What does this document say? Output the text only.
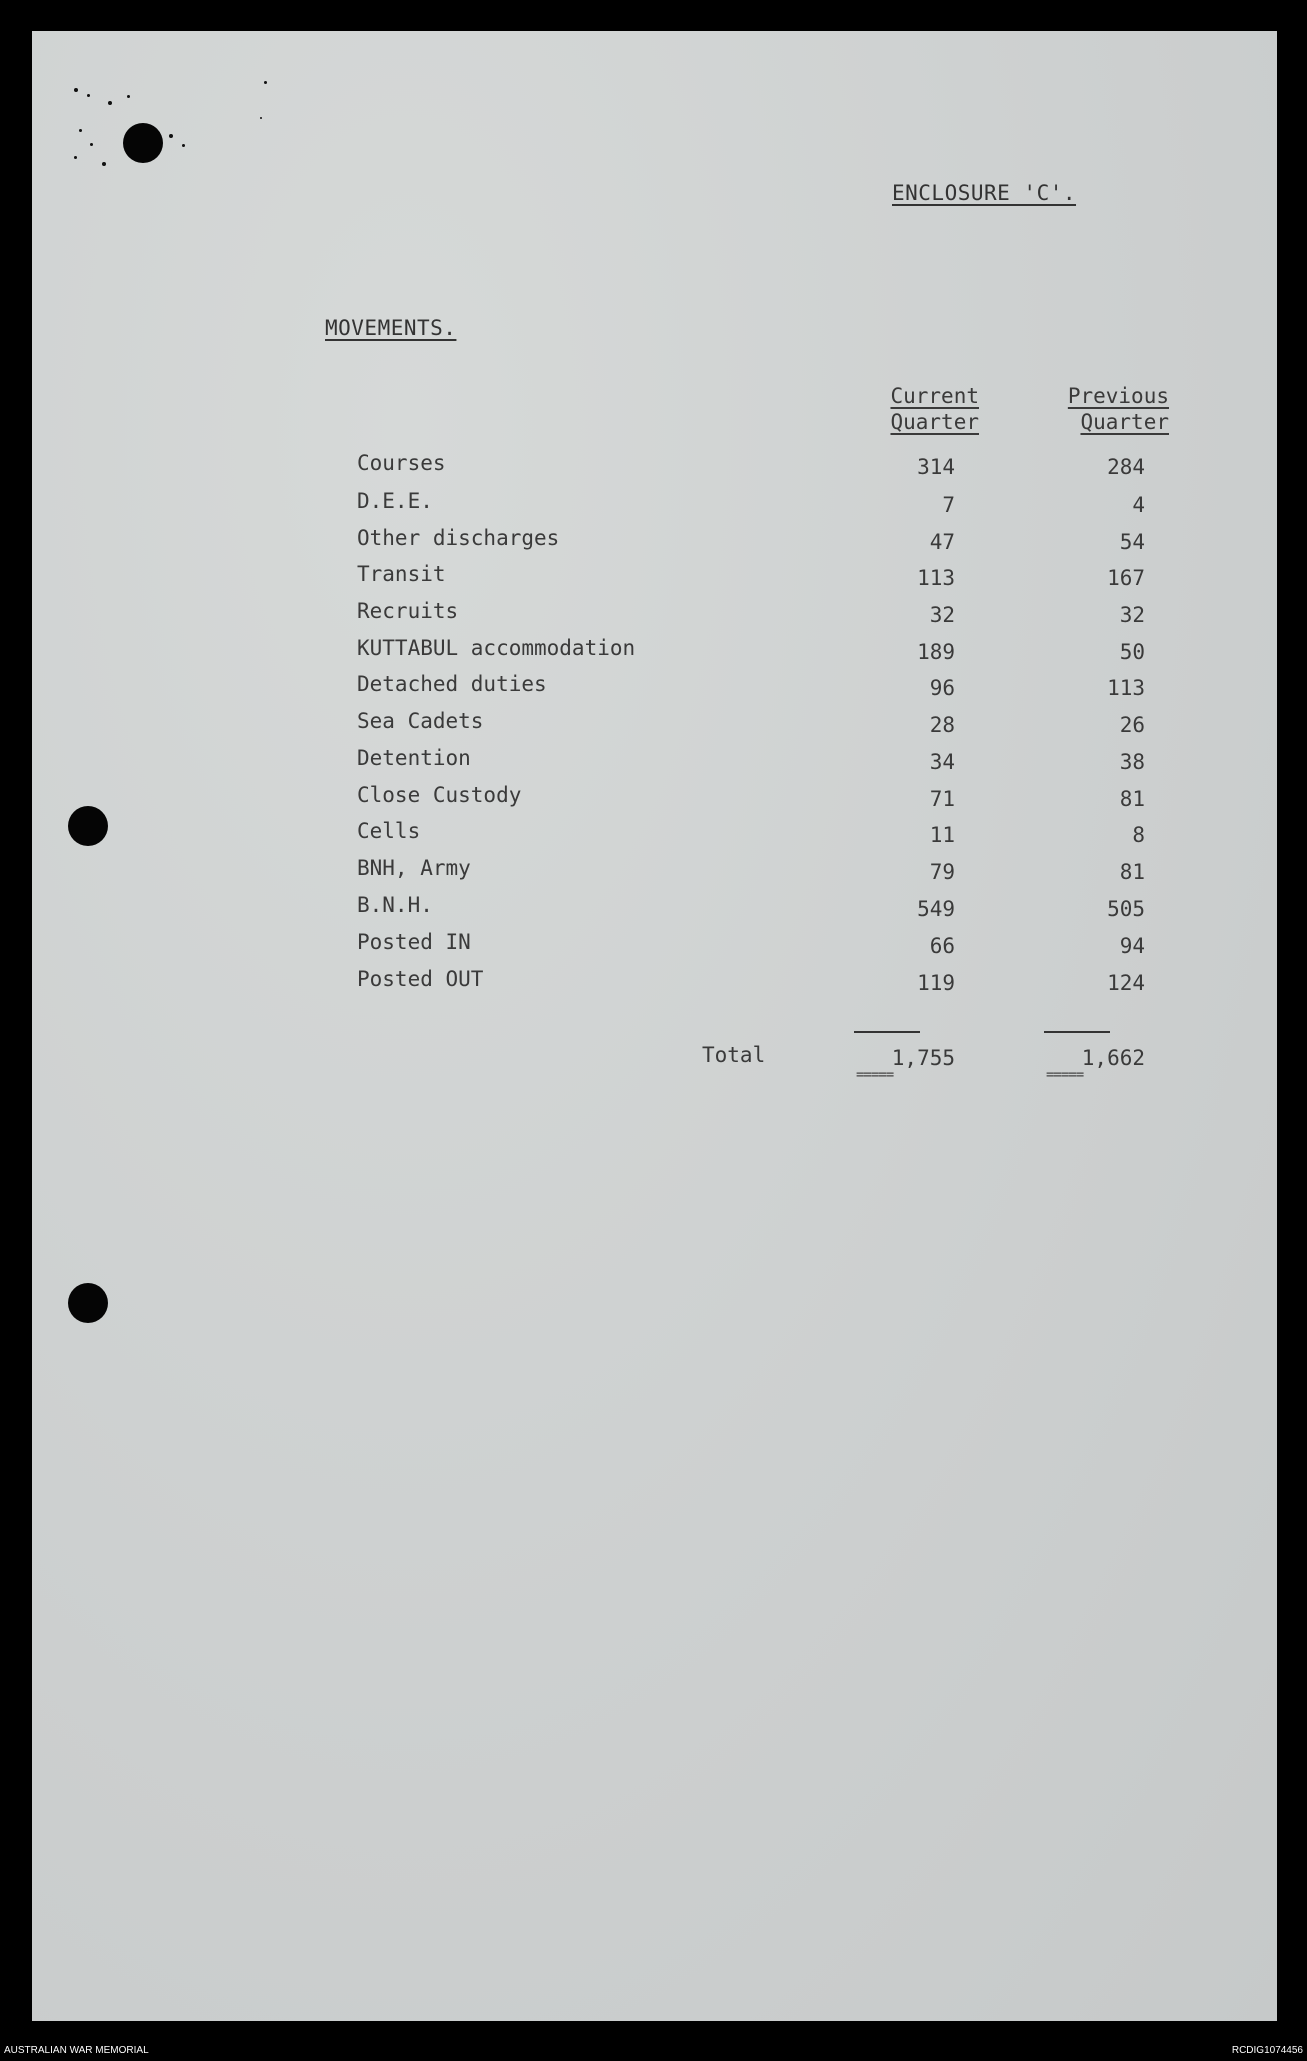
ENCLOSURE 'C'.
MOVEMENTS.
Current
Quarter
Previous
Quarter
Courses	314	284
D.E.E.	7	4
Other discharges	47	54
Transit	113	167
Recruits	32	32
KUTTABUL accommodation	189	50
Detached duties	96	113
Sea Cadets	28	26
Detention	34	38
Close Custody	71	81
Cells	11	8
BNH, Army	79	81
B.N.H.	549	505
Posted IN	66	94
Posted OUT	119	124
Total	1,755	1,662
=====	=====
AUSTRALIAN WAR MEMORIAL	RCDIG1074456
